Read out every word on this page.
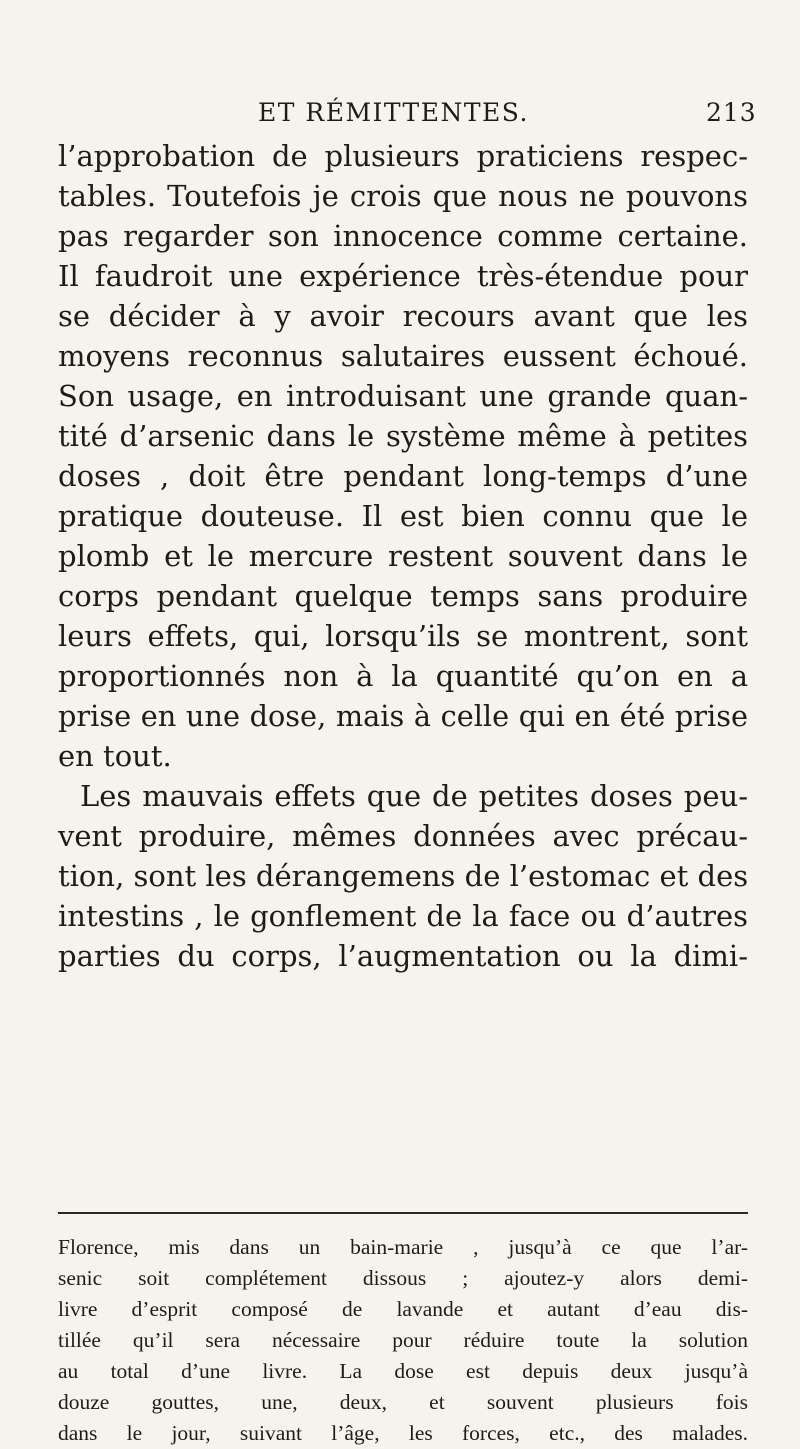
ET RÉMITTENTES.	213
l’approbation de plusieurs praticiens respec-
tables. Toutefois je crois que nous ne pouvons
pas regarder son innocence comme certaine.
Il faudroit une expérience très-étendue pour
se décider à y avoir recours avant que les
moyens reconnus salutaires eussent échoué.
Son usage, en introduisant une grande quan-
tité d’arsenic dans le système même à petites
doses , doit être pendant long-temps d’une
pratique douteuse. Il est bien connu que le
plomb et le mercure restent souvent dans le
corps pendant quelque temps sans produire
leurs effets, qui, lorsqu’ils se montrent, sont
proportionnés non à la quantité qu’on en a
prise en une dose, mais à celle qui en été prise
en tout.
Les mauvais effets que de petites doses peu-
vent produire, mêmes données avec précau-
tion, sont les dérangemens de l’estomac et des
intestins , le gonflement de la face ou d’autres
parties du corps, l’augmentation ou la dimi-
Florence, mis dans un bain-marie , jusqu’à ce que l’ar-
senic soit complétement dissous ; ajoutez-y alors demi-
livre d’esprit composé de lavande et autant d’eau dis-
tillée qu’il sera nécessaire pour réduire toute la solution
au total d’une livre. La dose est depuis deux jusqu’à
douze gouttes, une, deux, et souvent plusieurs fois
dans le jour, suivant l’âge, les forces, etc., des malades.
